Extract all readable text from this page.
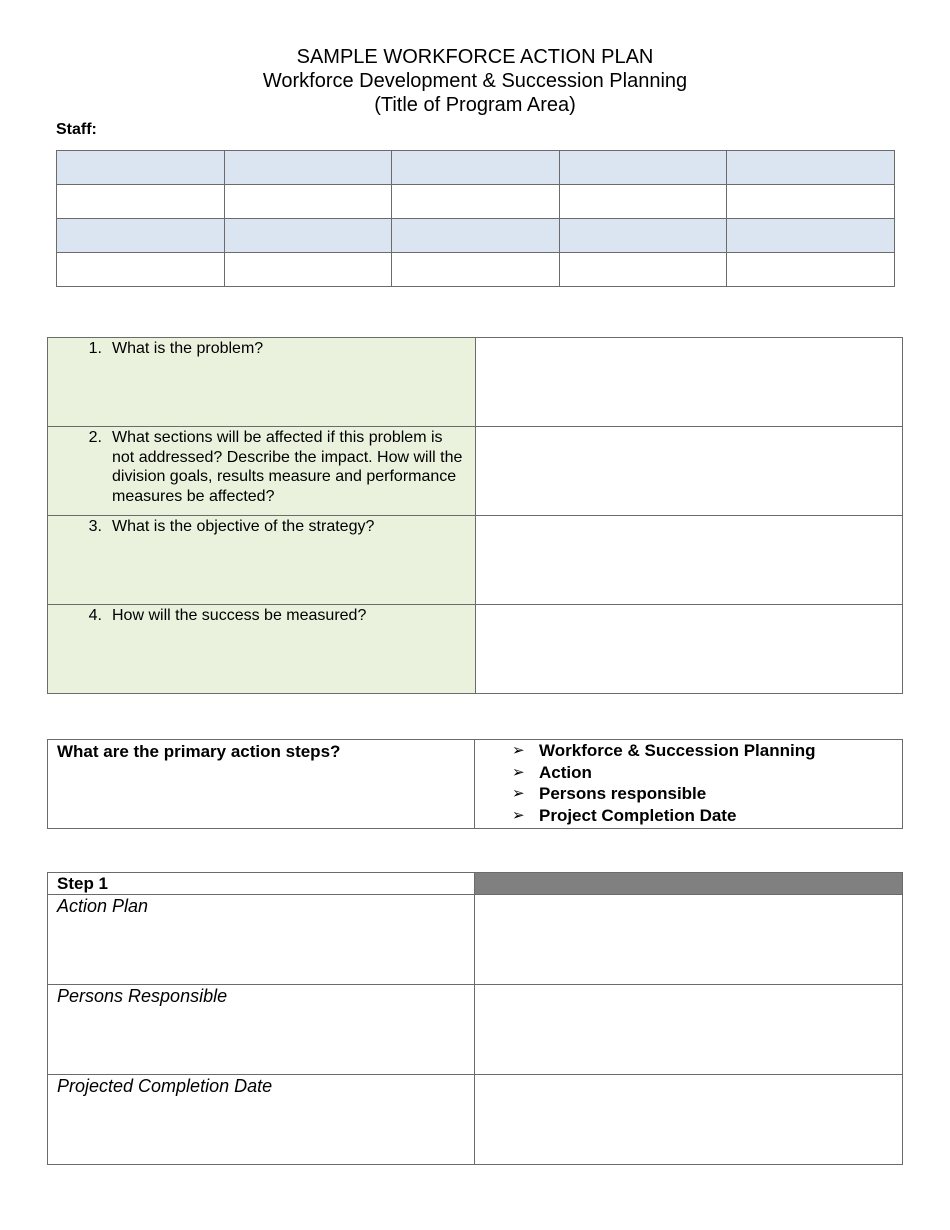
SAMPLE WORKFORCE ACTION PLAN
Workforce Development & Succession Planning
(Title of Program Area)
Staff:

1. What is the problem?	

2. What sections will be affected if this problem is not addressed? Describe the impact. How will the division goals, results measure and performance measures be affected?	

3. What is the objective of the strategy?	

4. How will the success be measured?	

What are the primary action steps?	➢ Workforce & Succession Planning
➢ Action
➢ Persons responsible
➢ Project Completion Date
Step 1	
Action Plan	
Persons Responsible	
Projected Completion Date	
